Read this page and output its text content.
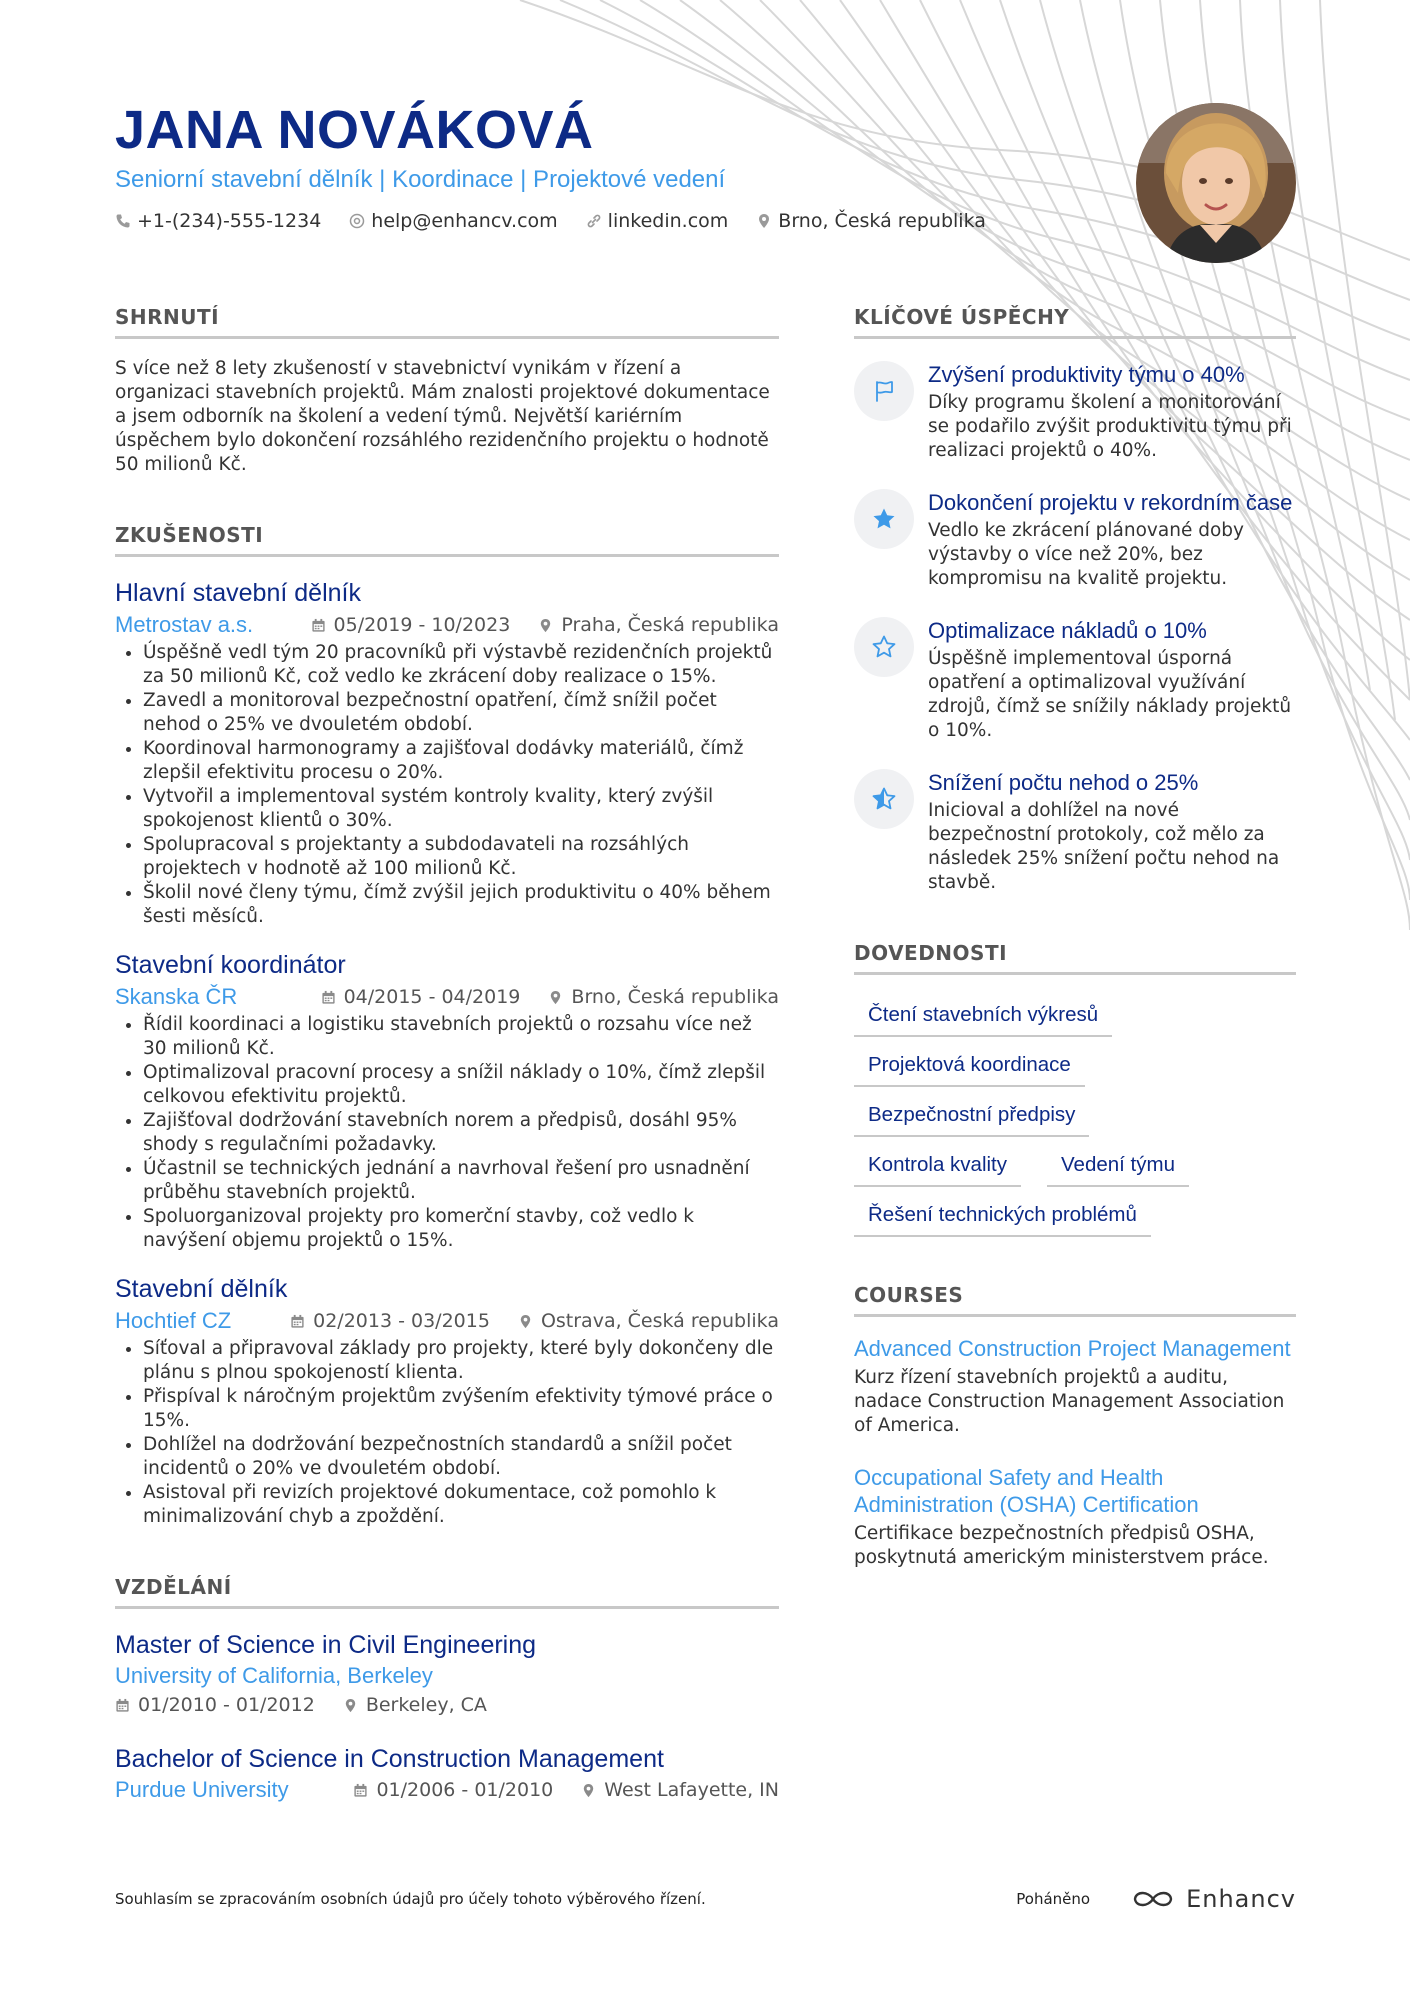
JANA NOVÁKOVÁ
Seniorní stavební dělník | Koordinace | Projektové vedení
+1-(234)-555-1234	help@enhancv.com	linkedin.com	Brno, Česká republika
SHRNUTÍ
S více než 8 lety zkušeností v stavebnictví vynikám v řízení a organizaci stavebních projektů. Mám znalosti projektové dokumentace a jsem odborník na školení a vedení týmů. Největší kariérním úspěchem bylo dokončení rozsáhlého rezidenčního projektu o hodnotě 50 milionů Kč.
ZKUŠENOSTI
Hlavní stavební dělník
Metrostav a.s.	05/2019 - 10/2023	Praha, Česká republika
• Úspěšně vedl tým 20 pracovníků při výstavbě rezidenčních projektů za 50 milionů Kč, což vedlo ke zkrácení doby realizace o 15%.
• Zavedl a monitoroval bezpečnostní opatření, čímž snížil počet nehod o 25% ve dvouletém období.
• Koordinoval harmonogramy a zajišťoval dodávky materiálů, čímž zlepšil efektivitu procesu o 20%.
• Vytvořil a implementoval systém kontroly kvality, který zvýšil spokojenost klientů o 30%.
• Spolupracoval s projektanty a subdodavateli na rozsáhlých projektech v hodnotě až 100 milionů Kč.
• Školil nové členy týmu, čímž zvýšil jejich produktivitu o 40% během šesti měsíců.
Stavební koordinátor
Skanska ČR	04/2015 - 04/2019	Brno, Česká republika
• Řídil koordinaci a logistiku stavebních projektů o rozsahu více než 30 milionů Kč.
• Optimalizoval pracovní procesy a snížil náklady o 10%, čímž zlepšil celkovou efektivitu projektů.
• Zajišťoval dodržování stavebních norem a předpisů, dosáhl 95% shody s regulačními požadavky.
• Účastnil se technických jednání a navrhoval řešení pro usnadnění průběhu stavebních projektů.
• Spoluorganizoval projekty pro komerční stavby, což vedlo k navýšení objemu projektů o 15%.
Stavební dělník
Hochtief CZ	02/2013 - 03/2015	Ostrava, Česká republika
• Síťoval a připravoval základy pro projekty, které byly dokončeny dle plánu s plnou spokojeností klienta.
• Přispíval k náročným projektům zvýšením efektivity týmové práce o 15%.
• Dohlížel na dodržování bezpečnostních standardů a snížil počet incidentů o 20% ve dvouletém období.
• Asistoval při revizích projektové dokumentace, což pomohlo k minimalizování chyb a zpoždění.
VZDĚLÁNÍ
Master of Science in Civil Engineering
University of California, Berkeley
01/2010 - 01/2012	Berkeley, CA
Bachelor of Science in Construction Management
Purdue University	01/2006 - 01/2010	West Lafayette, IN
KLÍČOVÉ ÚSPĚCHY
Zvýšení produktivity týmu o 40%
Díky programu školení a monitorování se podařilo zvýšit produktivitu týmu při realizaci projektů o 40%.
Dokončení projektu v rekordním čase
Vedlo ke zkrácení plánované doby výstavby o více než 20%, bez kompromisu na kvalitě projektu.
Optimalizace nákladů o 10%
Úspěšně implementoval úsporná opatření a optimalizoval využívání zdrojů, čímž se snížily náklady projektů o 10%.
Snížení počtu nehod o 25%
Inicioval a dohlížel na nové bezpečnostní protokoly, což mělo za následek 25% snížení počtu nehod na stavbě.
DOVEDNOSTI
Čtení stavebních výkresů
Projektová koordinace
Bezpečnostní předpisy
Kontrola kvality	Vedení týmu
Řešení technických problémů
COURSES
Advanced Construction Project Management
Kurz řízení stavebních projektů a auditu, nadace Construction Management Association of America.
Occupational Safety and Health Administration (OSHA) Certification
Certifikace bezpečnostních předpisů OSHA, poskytnutá americkým ministerstvem práce.
Souhlasím se zpracováním osobních údajů pro účely tohoto výběrového řízení.	Poháněno	Enhancv
